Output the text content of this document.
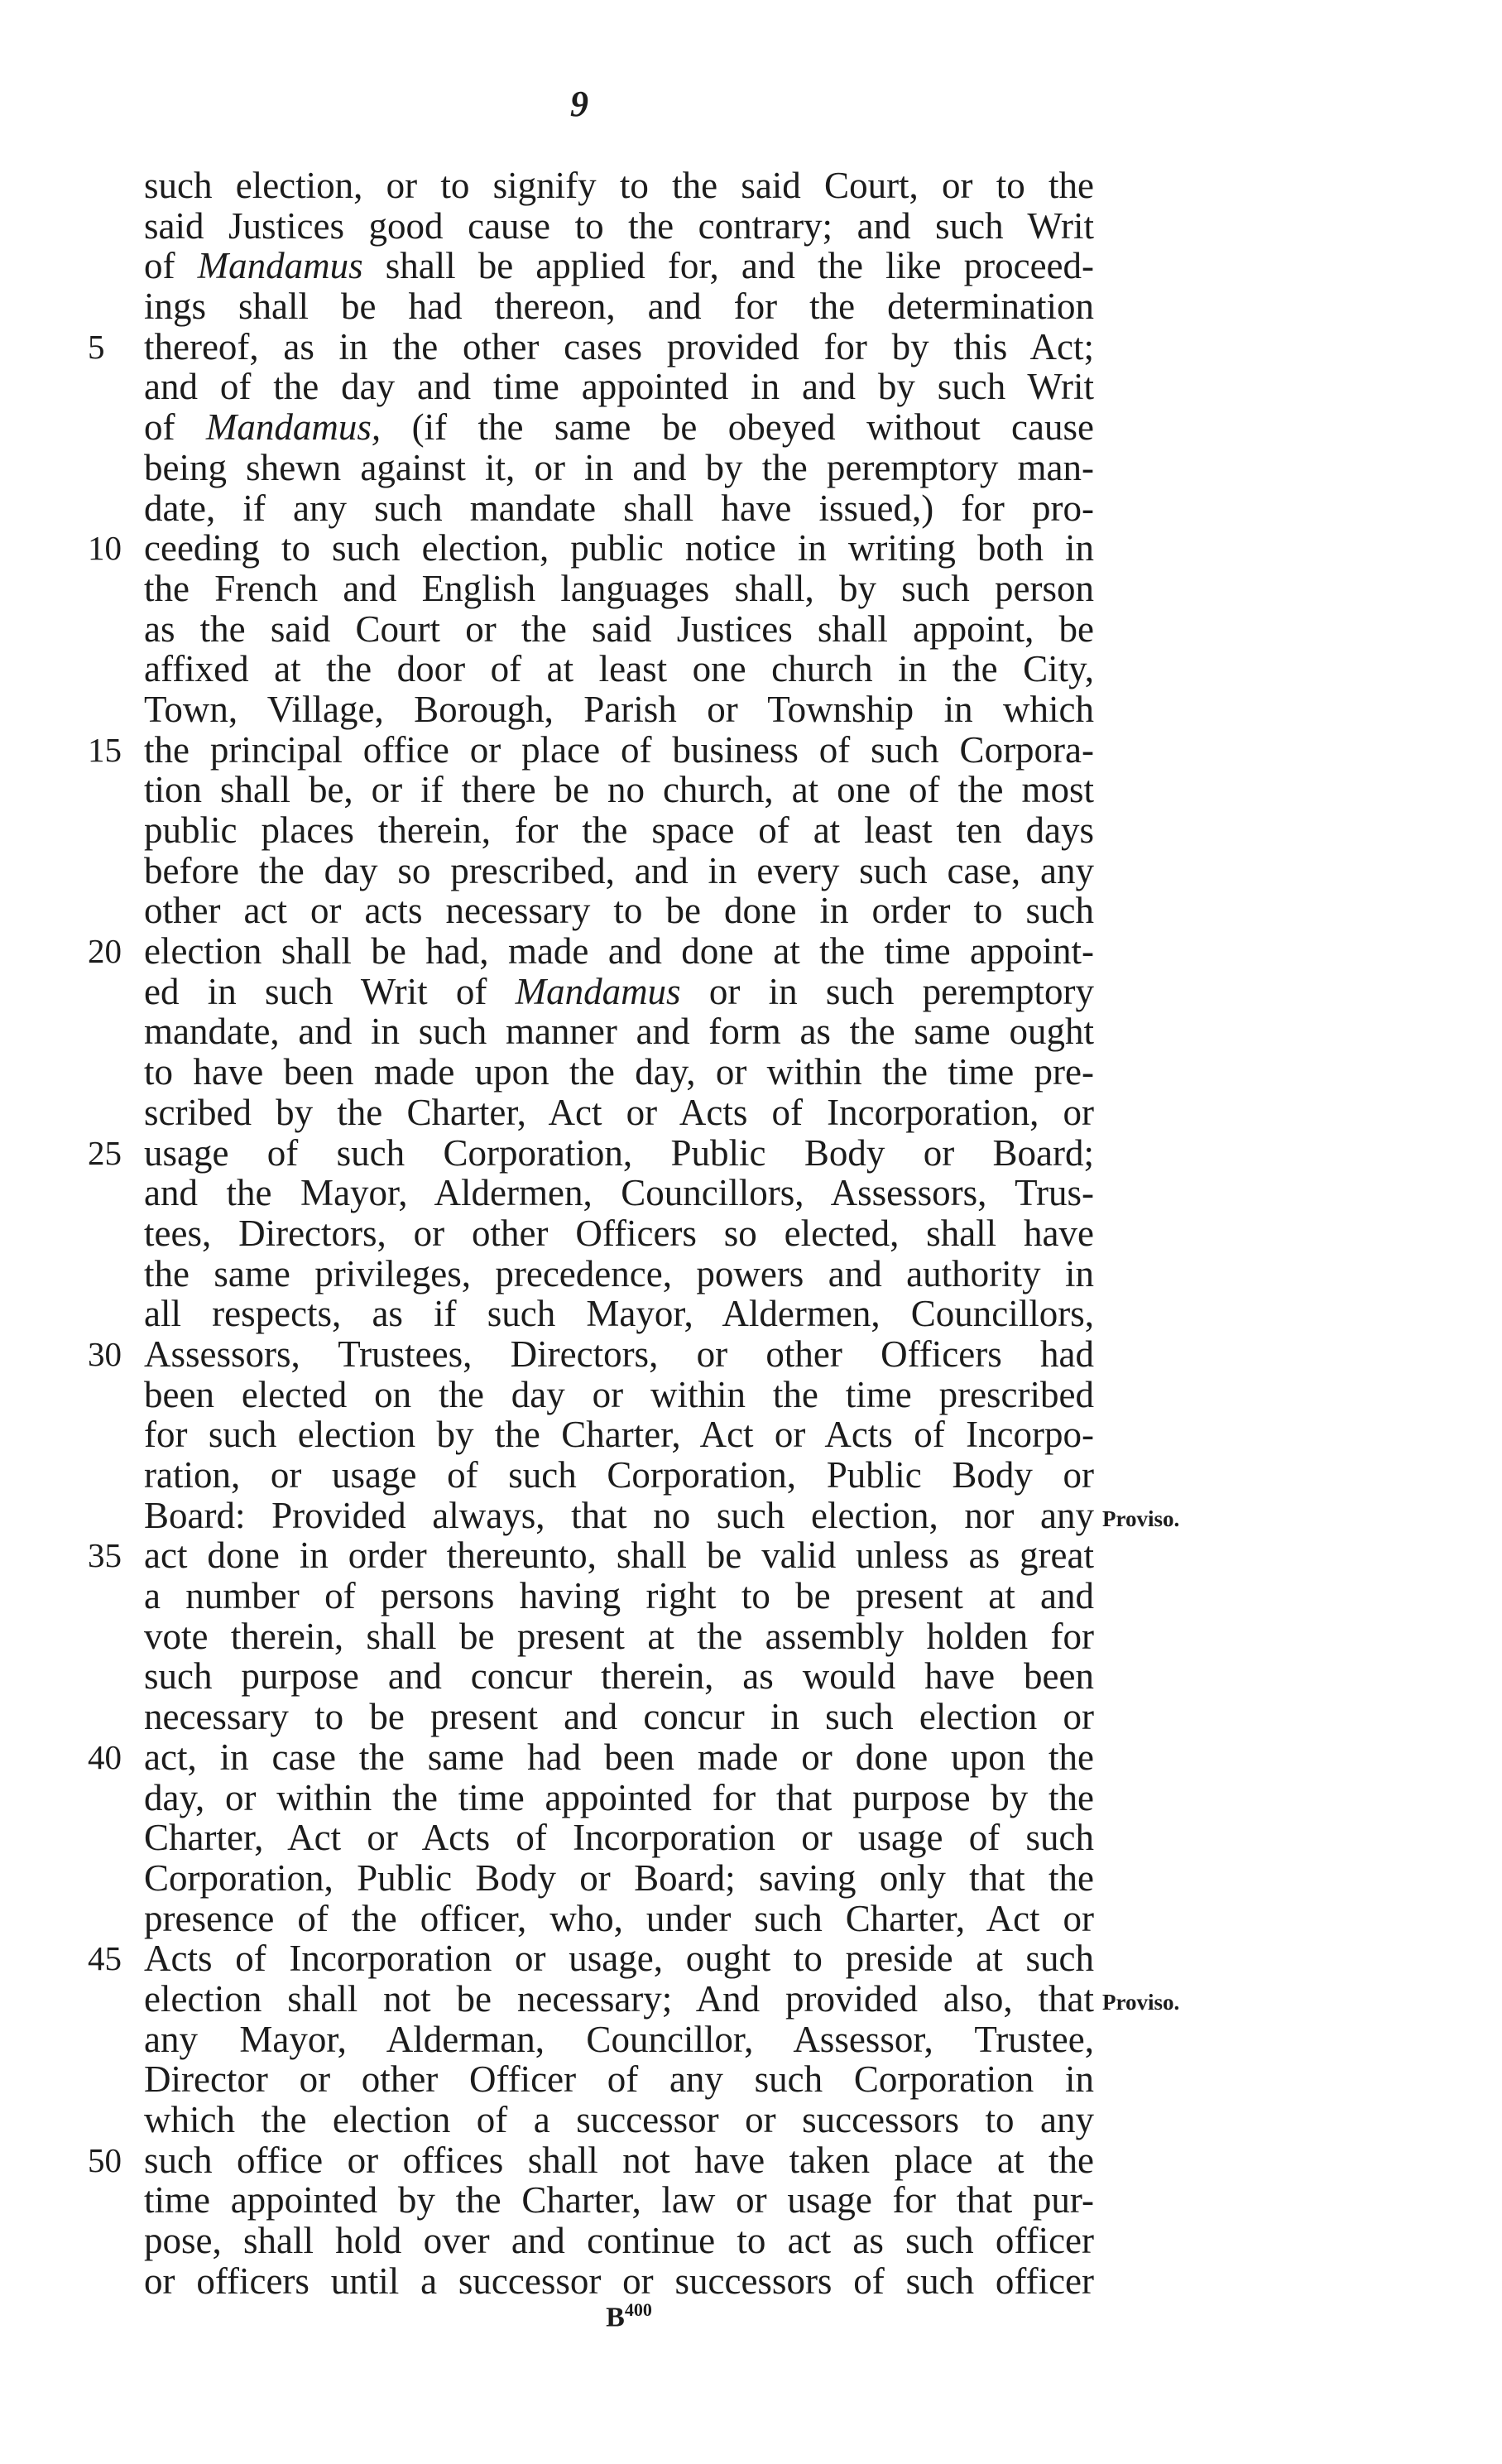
9
such election, or to signify to the said Court, or to the
said Justices good cause to the contrary; and such Writ
of Mandamus shall be applied for, and the like proceed-
ings shall be had thereon, and for the determination
5	thereof, as in the other cases provided for by this Act;
and of the day and time appointed in and by such Writ
of Mandamus, (if the same be obeyed without cause
being shewn against it, or in and by the peremptory man-
date, if any such mandate shall have issued,) for pro-
10 ceeding to such election, public notice in writing both in
the French and English languages shall, by such person
as the said Court or the said Justices shall appoint, be
affixed at the door of at least one church in the City,
Town, Village, Borough, Parish or Township in which
15 the principal office or place of business of such Corpora-
tion shall be, or if there be no church, at one of the most
public places therein, for the space of at least ten days
before the day so prescribed, and in every such case, any
other act or acts necessary to be done in order to such
20 election shall be had, made and done at the time appoint-
ed in such Writ of Mandamus or in such peremptory
mandate, and in such manner and form as the same ought
to have been made upon the day, or within the time pre-
scribed by the Charter, Act or Acts of Incorporation, or
25 usage of such Corporation, Public Body or Board;
and the Mayor, Aldermen, Councillors, Assessors, Trus-
tees, Directors, or other Officers so elected, shall have
the same privileges, precedence, powers and authority in
all respects, as if such Mayor, Aldermen, Councillors,
30 Assessors, Trustees, Directors, or other Officers had
been elected on the day or within the time prescribed
for such election by the Charter, Act or Acts of Incorpo-
ration, or usage of such Corporation, Public Body or
Board: Provided always, that no such election, nor any Proviso.
35 act done in order thereunto, shall be valid unless as great
a number of persons having right to be present at and
vote therein, shall be present at the assembly holden for
such purpose and concur therein, as would have been
necessary to be present and concur in such election or
40 act, in case the same had been made or done upon the
day, or within the time appointed for that purpose by the
Charter, Act or Acts of Incorporation or usage of such
Corporation, Public Body or Board; saving only that the
presence of the officer, who, under such Charter, Act or
45 Acts of Incorporation or usage, ought to preside at such
election shall not be necessary; And provided also, that Proviso.
any Mayor, Alderman, Councillor, Assessor, Trustee,
Director or other Officer of any such Corporation in
which the election of a successor or successors to any
50 such office or offices shall not have taken place at the
time appointed by the Charter, law or usage for that pur-
pose, shall hold over and continue to act as such officer
or officers until a successor or successors of such officer
$B^{400}$
